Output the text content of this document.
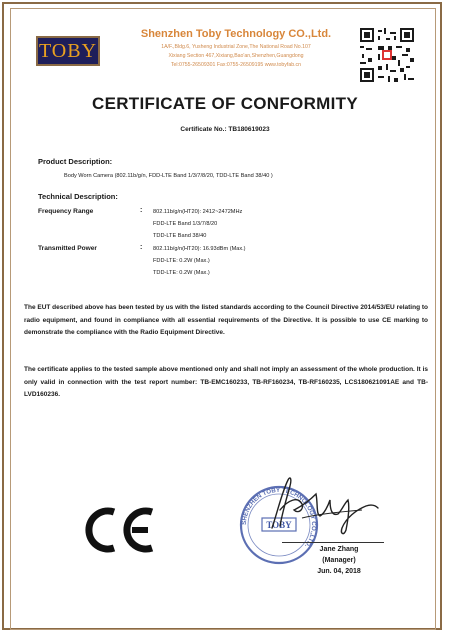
TOBY
Shenzhen Toby Technology CO.,Ltd.
1A/F.,Bldg.6, Yusheng Industrial Zone,The National Road No.107
Xixiang Section 467,Xixiang,Bao'an,Shenzhen,Guangdong
Tel:0755-26509301 Fax:0755-26509195 www.tobyfab.cn
CERTIFICATE OF CONFORMITY
Certificate No.: TB180619023
Product Description:
Body Worn Camera (802.11b/g/n, FDD-LTE Band 1/3/7/8/20, TDD-LTE Band 38/40 )
Technical Description:
Frequency Range	: 802.11b/g/n(HT20): 2412~2472MHz
FDD-LTE Band 1/3/7/8/20
TDD-LTE Band 38/40
Transmitted Power	: 802.11b/g/n(HT20): 16.93dBm (Max.)
FDD-LTE: 0.2W (Max.)
TDD-LTE: 0.2W (Max.)
The EUT described above has been tested by us with the listed standards according to the Council Directive 2014/53/EU relating to radio equipment, and found in compliance with all essential requirements of the Directive. It is possible to use CE marking to demonstrate the compliance with the Radio Equipment Directive.
The certificate applies to the tested sample above mentioned only and shall not imply an assessment of the whole production. It is only valid in connection with the test report number: TB-EMC160233, TB-RF160234, TB-RF160235, LCS180621091AE and TB-LVD160236.
SHENZHEN TOBY TECHNOLOGY CO.,LTD.
TOBY
Jane Zhang
(Manager)
Jun. 04, 2018
